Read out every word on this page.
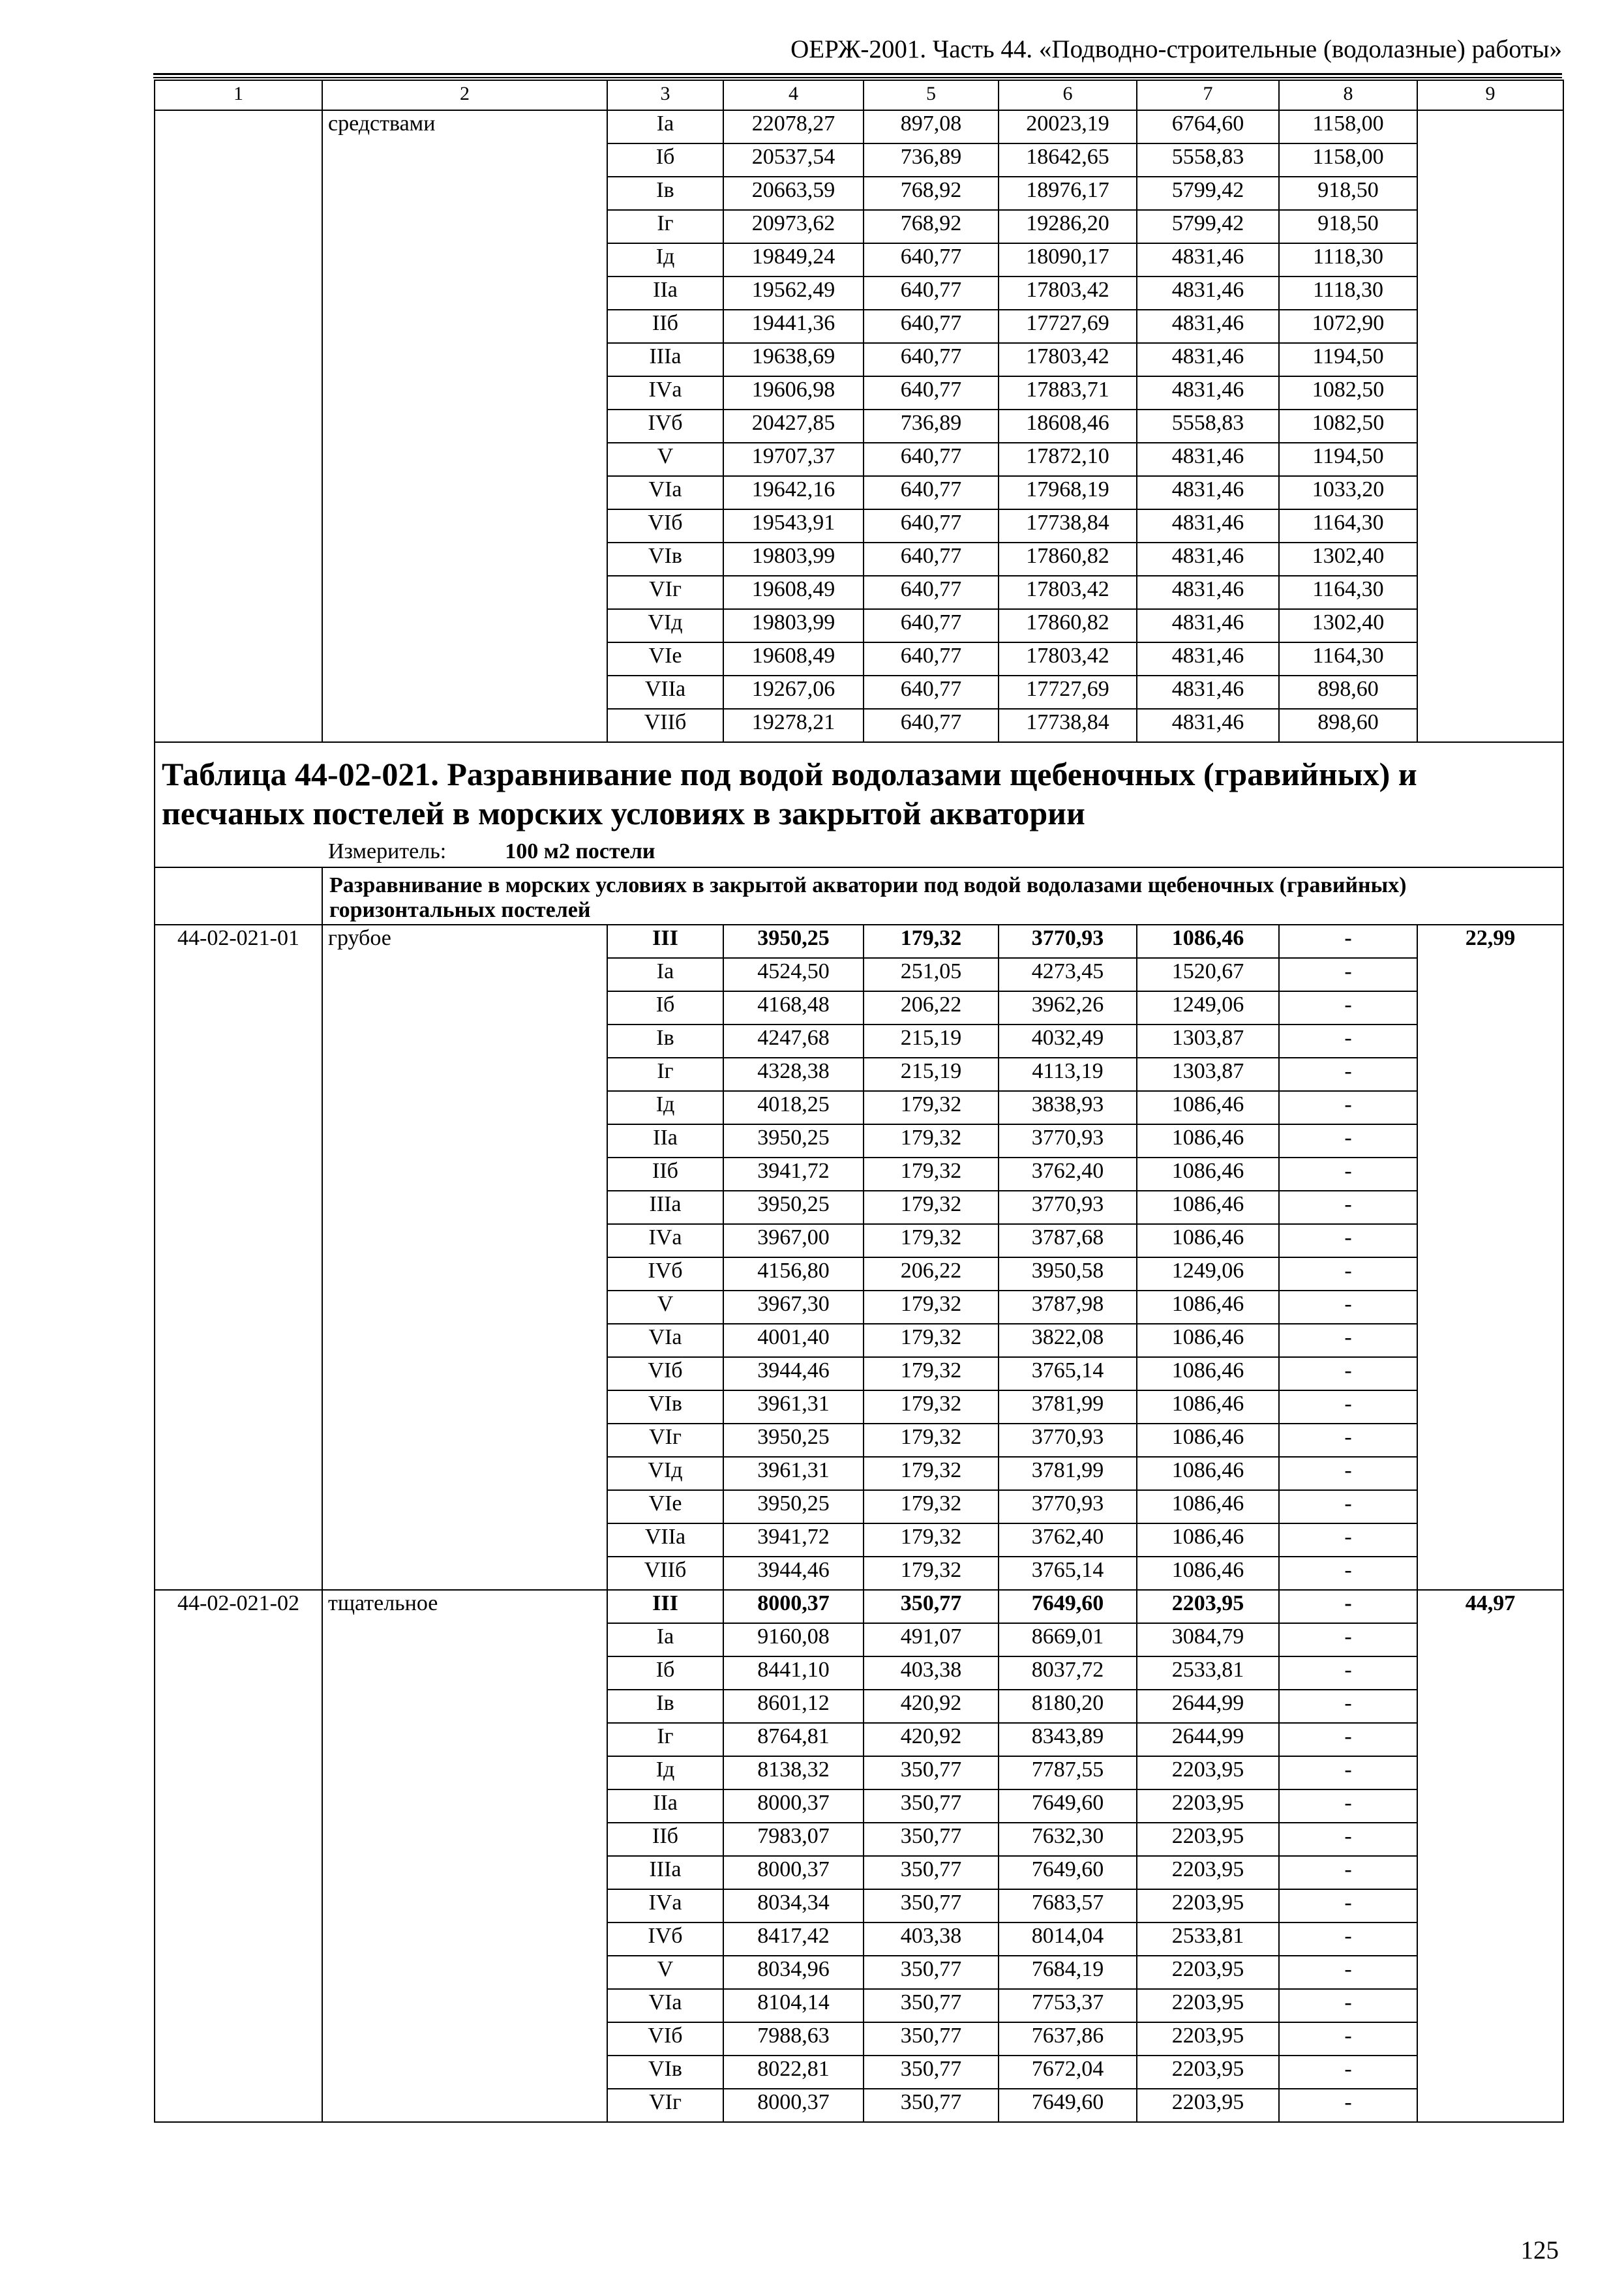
ОЕРЖ-2001. Часть 44. «Подводно-строительные (водолазные) работы»
1	2	3	4	5	6	7	8	9
	средствами	Iа	22078,27	897,08	20023,19	6764,60	1158,00	
		Iб	20537,54	736,89	18642,65	5558,83	1158,00	
		Iв	20663,59	768,92	18976,17	5799,42	918,50	
		Iг	20973,62	768,92	19286,20	5799,42	918,50	
		Iд	19849,24	640,77	18090,17	4831,46	1118,30	
		IIа	19562,49	640,77	17803,42	4831,46	1118,30	
		IIб	19441,36	640,77	17727,69	4831,46	1072,90	
		IIIа	19638,69	640,77	17803,42	4831,46	1194,50	
		IVа	19606,98	640,77	17883,71	4831,46	1082,50	
		IVб	20427,85	736,89	18608,46	5558,83	1082,50	
		V	19707,37	640,77	17872,10	4831,46	1194,50	
		VIа	19642,16	640,77	17968,19	4831,46	1033,20	
		VIб	19543,91	640,77	17738,84	4831,46	1164,30	
		VIв	19803,99	640,77	17860,82	4831,46	1302,40	
		VIг	19608,49	640,77	17803,42	4831,46	1164,30	
		VIд	19803,99	640,77	17860,82	4831,46	1302,40	
		VIе	19608,49	640,77	17803,42	4831,46	1164,30	
		VIIа	19267,06	640,77	17727,69	4831,46	898,60	
		VIIб	19278,21	640,77	17738,84	4831,46	898,60	

Таблица 44-02-021. Разравнивание под водой водолазами щебеночных (гравийных) и песчаных постелей в морских условиях в закрытой акватории
Измеритель: 100 м2 постели								

	Разравнивание в морских условиях в закрытой акватории под водой водолазами щебеночных (гравийных) горизонтальных постелей							
44-02-021-01	грубое	III	3950,25	179,32	3770,93	1086,46	-	22,99
		Iа	4524,50	251,05	4273,45	1520,67	-	
		Iб	4168,48	206,22	3962,26	1249,06	-	
		Iв	4247,68	215,19	4032,49	1303,87	-	
		Iг	4328,38	215,19	4113,19	1303,87	-	
		Iд	4018,25	179,32	3838,93	1086,46	-	
		IIа	3950,25	179,32	3770,93	1086,46	-	
		IIб	3941,72	179,32	3762,40	1086,46	-	
		IIIа	3950,25	179,32	3770,93	1086,46	-	
		IVа	3967,00	179,32	3787,68	1086,46	-	
		IVб	4156,80	206,22	3950,58	1249,06	-	
		V	3967,30	179,32	3787,98	1086,46	-	
		VIа	4001,40	179,32	3822,08	1086,46	-	
		VIб	3944,46	179,32	3765,14	1086,46	-	
		VIв	3961,31	179,32	3781,99	1086,46	-	
		VIг	3950,25	179,32	3770,93	1086,46	-	
		VIд	3961,31	179,32	3781,99	1086,46	-	
		VIе	3950,25	179,32	3770,93	1086,46	-	
		VIIа	3941,72	179,32	3762,40	1086,46	-	
		VIIб	3944,46	179,32	3765,14	1086,46	-	
44-02-021-02	тщательное	III	8000,37	350,77	7649,60	2203,95	-	44,97
		Iа	9160,08	491,07	8669,01	3084,79	-	
		Iб	8441,10	403,38	8037,72	2533,81	-	
		Iв	8601,12	420,92	8180,20	2644,99	-	
		Iг	8764,81	420,92	8343,89	2644,99	-	
		Iд	8138,32	350,77	7787,55	2203,95	-	
		IIа	8000,37	350,77	7649,60	2203,95	-	
		IIб	7983,07	350,77	7632,30	2203,95	-	
		IIIа	8000,37	350,77	7649,60	2203,95	-	
		IVа	8034,34	350,77	7683,57	2203,95	-	
		IVб	8417,42	403,38	8014,04	2533,81	-	
		V	8034,96	350,77	7684,19	2203,95	-	
		VIа	8104,14	350,77	7753,37	2203,95	-	
		VIб	7988,63	350,77	7637,86	2203,95	-	
		VIв	8022,81	350,77	7672,04	2203,95	-	
		VIг	8000,37	350,77	7649,60	2203,95	-	
125
